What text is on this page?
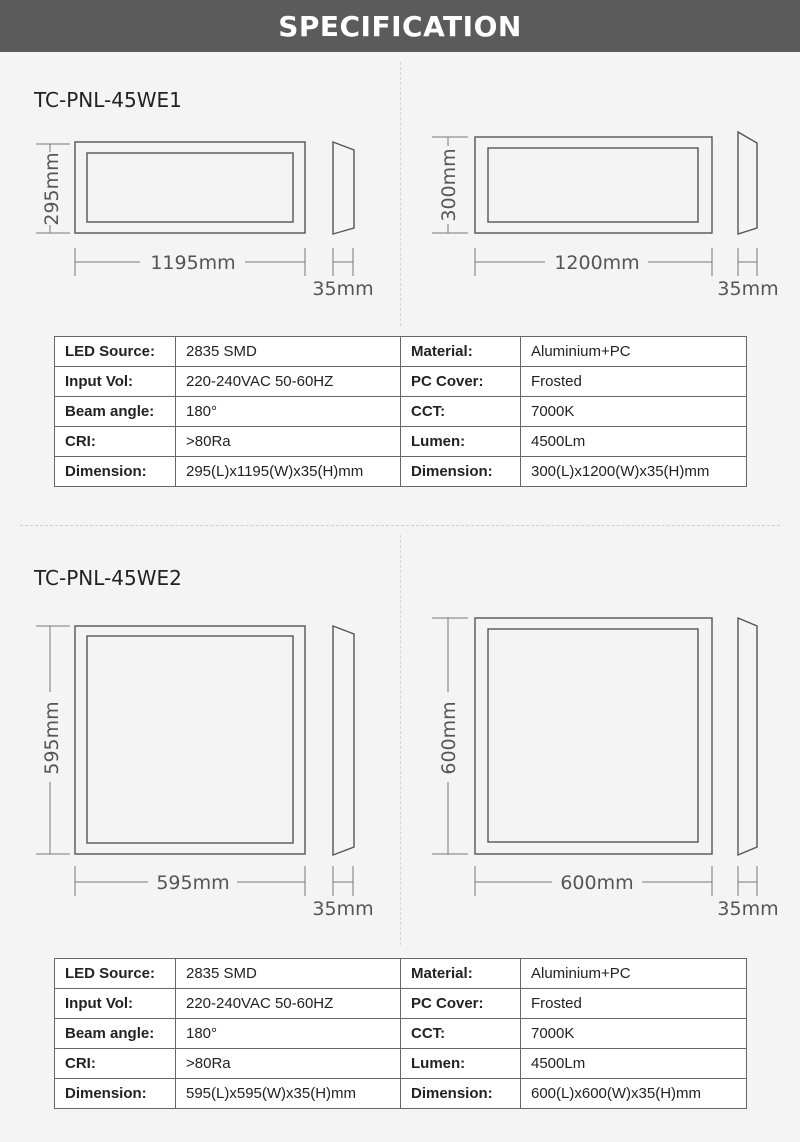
SPECIFICATION
TC-PNL-45WE1
295mm
1195mm
35mm
300mm
1200mm
35mm
LED Source:	2835 SMD	Material:	Aluminium+PC
Input Vol:	220-240VAC 50-60HZ	PC Cover:	Frosted
Beam angle:	180°	CCT:	7000K
CRI:	>80Ra	Lumen:	4500Lm
Dimension:	295(L)x1195(W)x35(H)mm	Dimension:	300(L)x1200(W)x35(H)mm
TC-PNL-45WE2
595mm
595mm
35mm
600mm
600mm
35mm
LED Source:	2835 SMD	Material:	Aluminium+PC
Input Vol:	220-240VAC 50-60HZ	PC Cover:	Frosted
Beam angle:	180°	CCT:	7000K
CRI:	>80Ra	Lumen:	4500Lm
Dimension:	595(L)x595(W)x35(H)mm	Dimension:	600(L)x600(W)x35(H)mm
